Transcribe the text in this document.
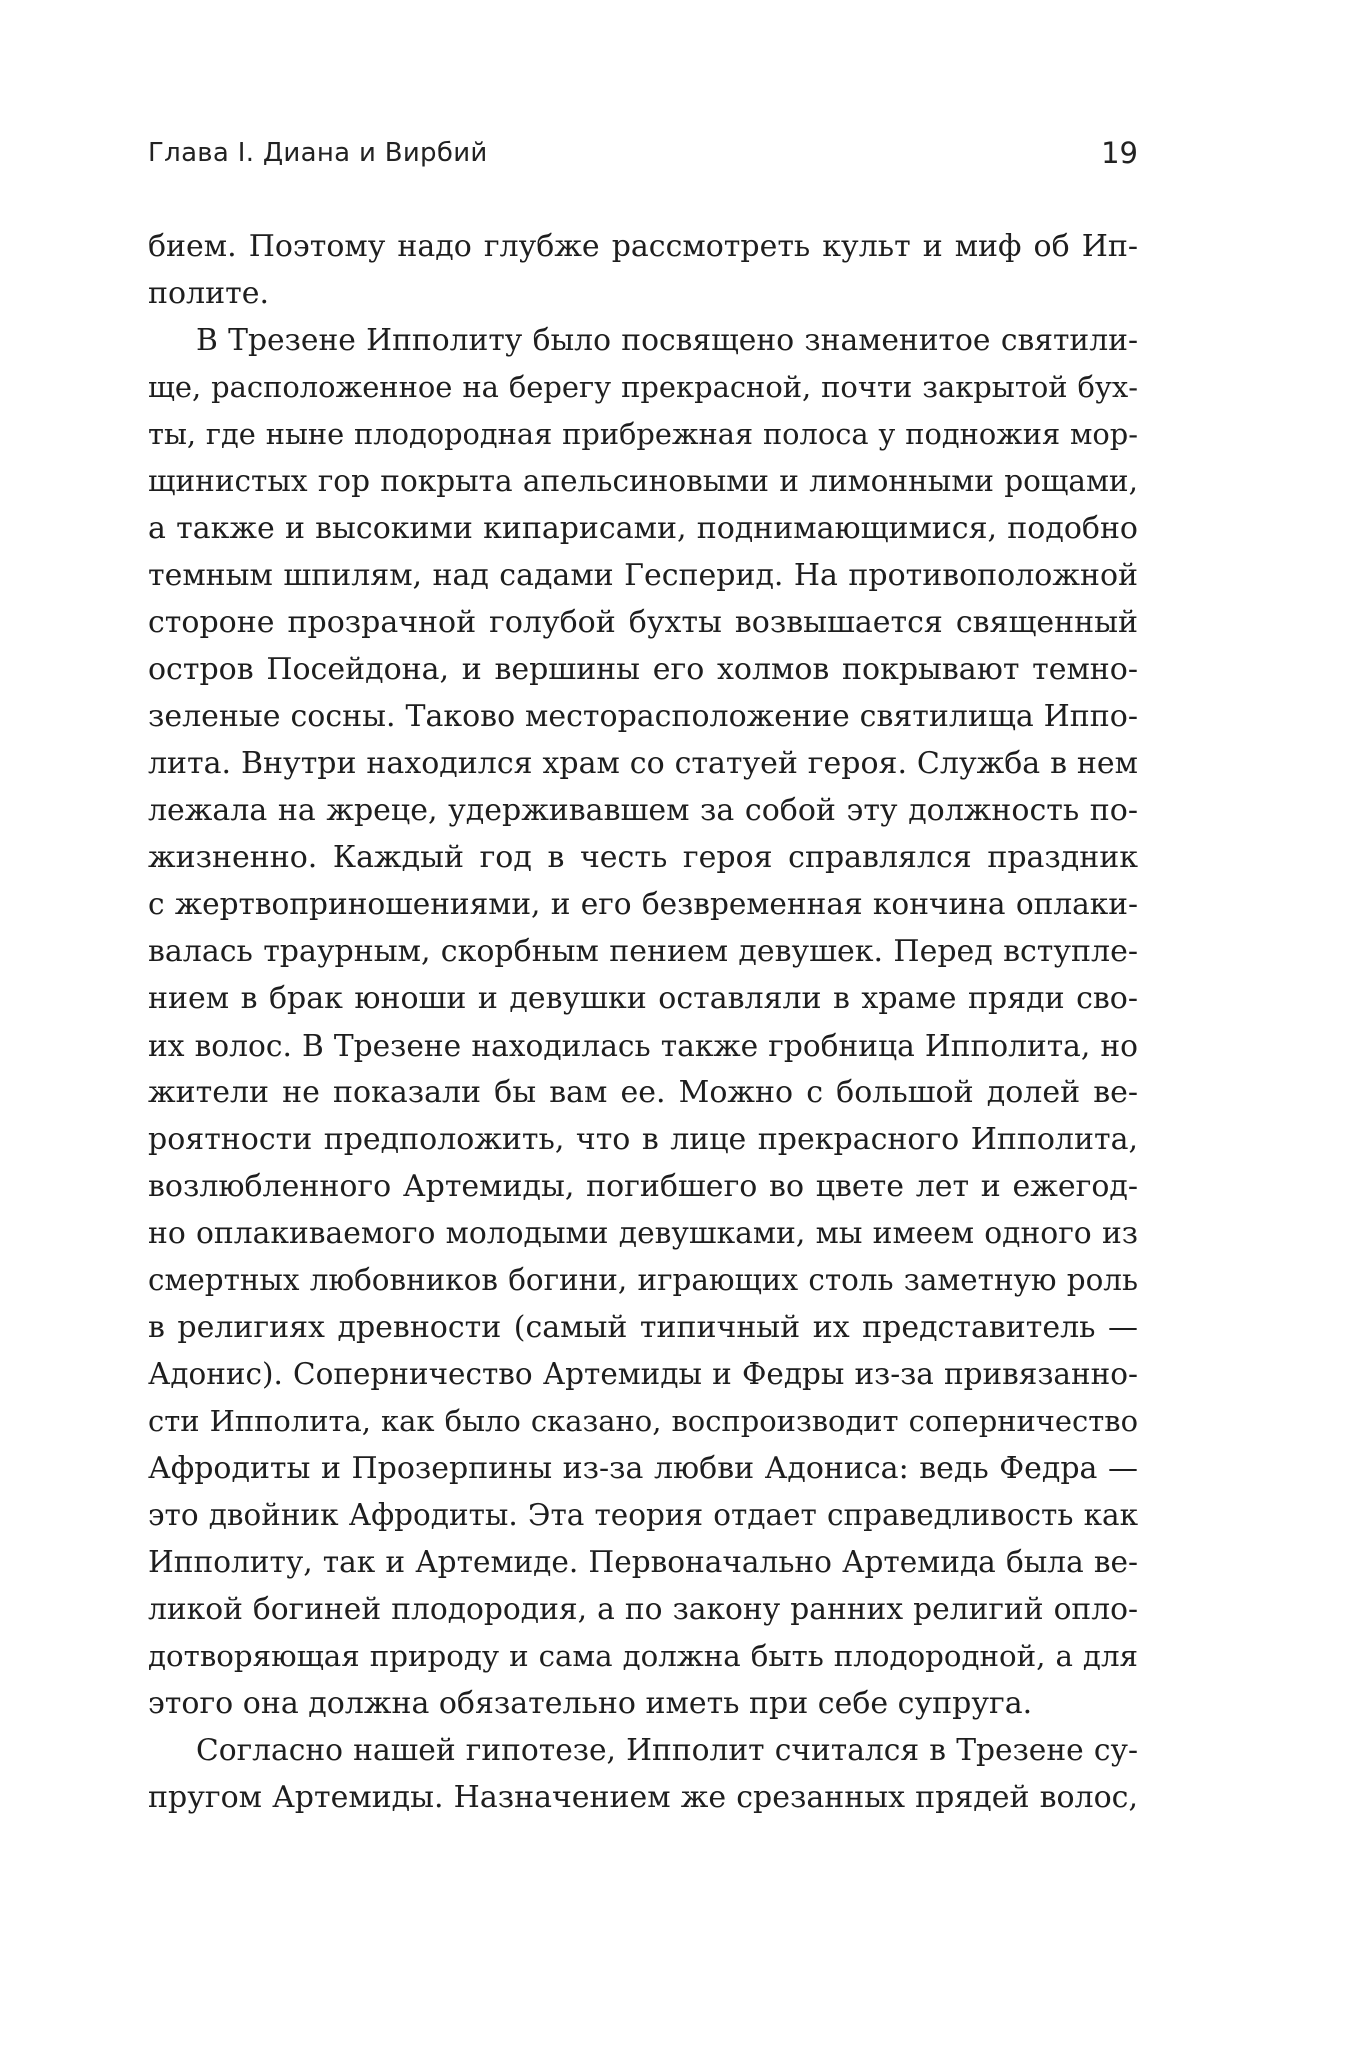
Глава I. Диана и Вирбий	19
бием. Поэтому надо глубже рассмотреть культ и миф об Ип-
полите.
В Трезене Ипполиту было посвящено знаменитое святили-
ще, расположенное на берегу прекрасной, почти закрытой бух-
ты, где ныне плодородная прибрежная полоса у подножия мор-
щинистых гор покрыта апельсиновыми и лимонными рощами,
а также и высокими кипарисами, поднимающимися, подобно
темным шпилям, над садами Гесперид. На противоположной
стороне прозрачной голубой бухты возвышается священный
остров Посейдона, и вершины его холмов покрывают темно-
зеленые сосны. Таково месторасположение святилища Иппо-
лита. Внутри находился храм со статуей героя. Служба в нем
лежала на жреце, удерживавшем за собой эту должность по-
жизненно. Каждый год в честь героя справлялся праздник
с жертвоприношениями, и его безвременная кончина оплаки-
валась траурным, скорбным пением девушек. Перед вступле-
нием в брак юноши и девушки оставляли в храме пряди сво-
их волос. В Трезене находилась также гробница Ипполита, но
жители не показали бы вам ее. Можно с большой долей ве-
роятности предположить, что в лице прекрасного Ипполита,
возлюбленного Артемиды, погибшего во цвете лет и ежегод-
но оплакиваемого молодыми девушками, мы имеем одного из
смертных любовников богини, играющих столь заметную роль
в религиях древности (самый типичный их представитель —
Адонис). Соперничество Артемиды и Федры из-за привязанно-
сти Ипполита, как было сказано, воспроизводит соперничество
Афродиты и Прозерпины из-за любви Адониса: ведь Федра —
это двойник Афродиты. Эта теория отдает справедливость как
Ипполиту, так и Артемиде. Первоначально Артемида была ве-
ликой богиней плодородия, а по закону ранних религий опло-
дотворяющая природу и сама должна быть плодородной, а для
этого она должна обязательно иметь при себе супруга.
Согласно нашей гипотезе, Ипполит считался в Трезене су-
пругом Артемиды. Назначением же срезанных прядей волос,
